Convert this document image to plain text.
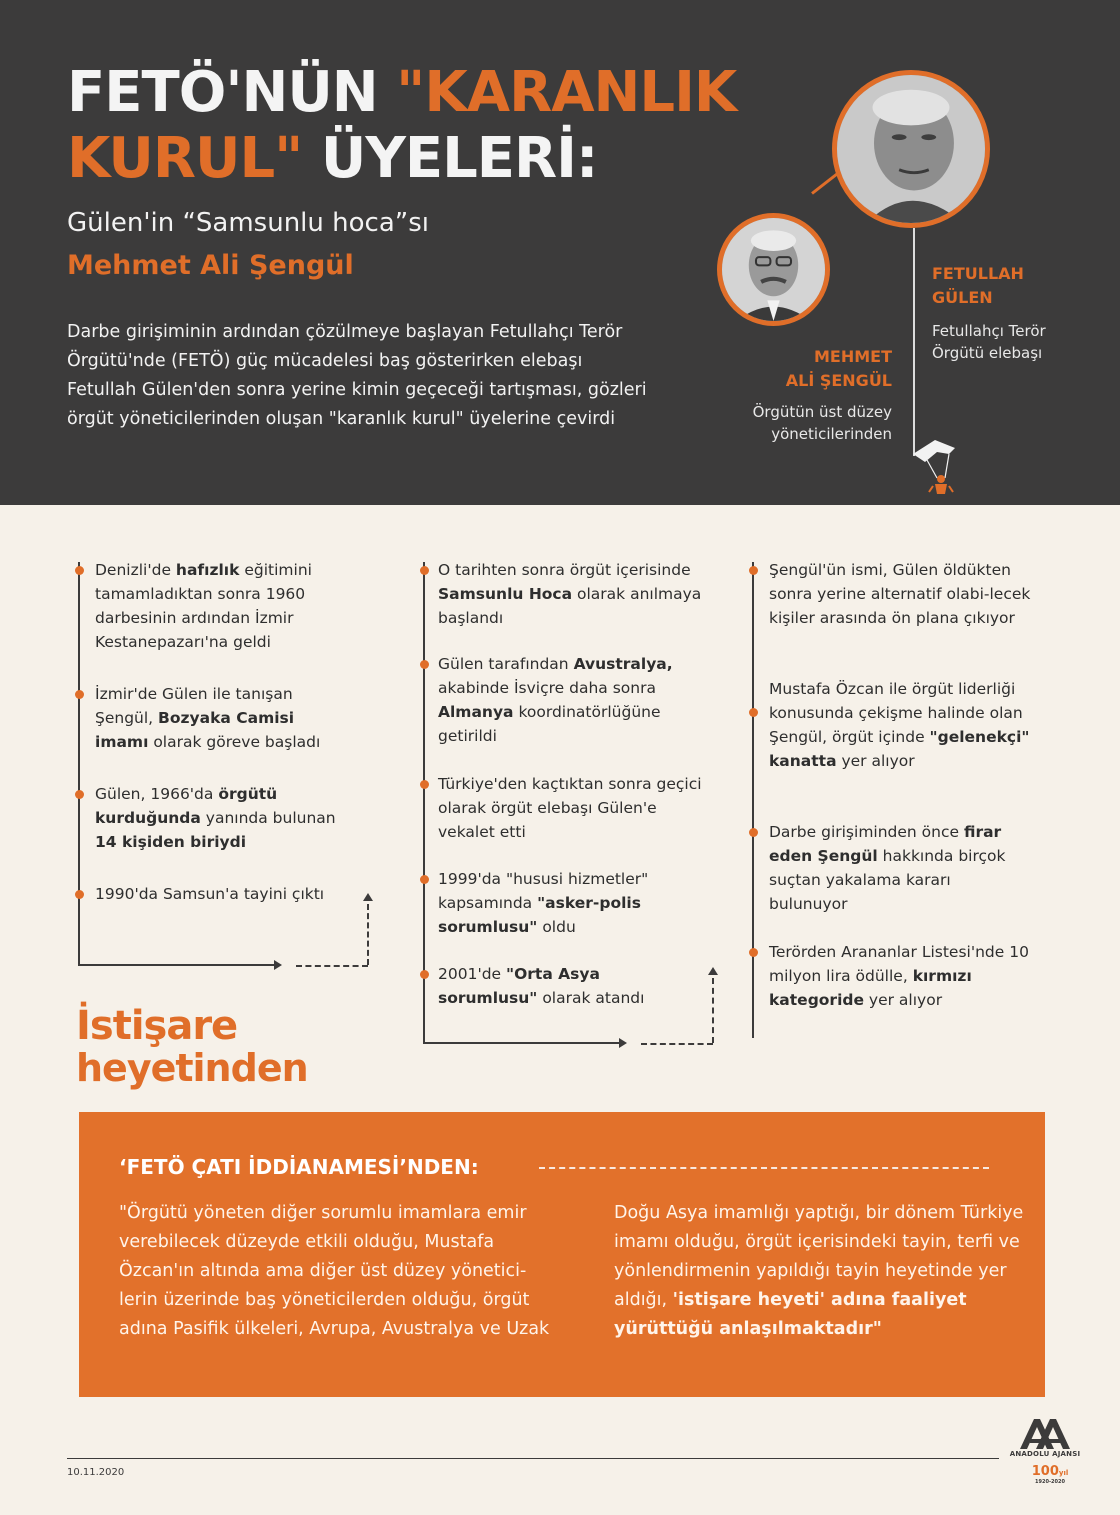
FETÖ'NÜN "KARANLIK
KURUL" ÜYELERİ:
Gülen'in “Samsunlu hoca”sı
Mehmet Ali Şengül
Darbe girişiminin ardından çözülmeye başlayan Fetullahçı Terör Örgütü'nde (FETÖ) güç mücadelesi baş gösterirken elebaşı Fetullah Gülen'den sonra yerine kimin geçeceği tartışması, gözleri örgüt yöneticilerinden oluşan "karanlık kurul" üyelerine çevirdi
FETULLAH
GÜLEN
Fetullahçı Terör
Örgütü elebaşı
MEHMET
ALİ ŞENGÜL
Örgütün üst düzey
yöneticilerinden
Denizli'de hafızlık eğitimini tamamladıktan sonra 1960 darbesinin ardından İzmir Kestanepazarı'na geldi
İzmir'de Gülen ile tanışan Şengül, Bozyaka Camisi imamı olarak göreve başladı
Gülen, 1966'da örgütü kurduğunda yanında bulunan 14 kişiden biriydi
1990'da Samsun'a tayini çıktı
O tarihten sonra örgüt içerisinde Samsunlu Hoca olarak anılmaya başlandı
Gülen tarafından Avustralya, akabinde İsviçre daha sonra Almanya koordinatörlüğüne getirildi
Türkiye'den kaçtıktan sonra geçici olarak örgüt elebaşı Gülen'e vekalet etti
1999'da "hususi hizmetler" kapsamında "asker-polis sorumlusu" oldu
2001'de "Orta Asya sorumlusu" olarak atandı
Şengül'ün ismi, Gülen öldükten sonra yerine alternatif olabi-lecek kişiler arasında ön plana çıkıyor
Mustafa Özcan ile örgüt liderliği konusunda çekişme halinde olan Şengül, örgüt içinde "gelenekçi" kanatta yer alıyor
Darbe girişiminden önce firar eden Şengül hakkında birçok suçtan yakalama kararı bulunuyor
Terörden Arananlar Listesi'nde 10 milyon lira ödülle, kırmızı kategoride yer alıyor
İstişare
heyetinden
‘FETÖ ÇATI İDDİANAMESİ’NDEN:
"Örgütü yöneten diğer sorumlu imamlara emir verebilecek düzeyde etkili olduğu, Mustafa Özcan'ın altında ama diğer üst düzey yönetici-lerin üzerinde baş yöneticilerden olduğu, örgüt adına Pasifik ülkeleri, Avrupa, Avustralya ve Uzak
Doğu Asya imamlığı yaptığı, bir dönem Türkiye imamı olduğu, örgüt içerisindeki tayin, terfi ve yönlendirmenin yapıldığı tayin heyetinde yer aldığı, 'istişare heyeti' adına faaliyet yürüttüğü anlaşılmaktadır"
10.11.2020
ANADOLU AJANSI
100yıl
1920-2020
